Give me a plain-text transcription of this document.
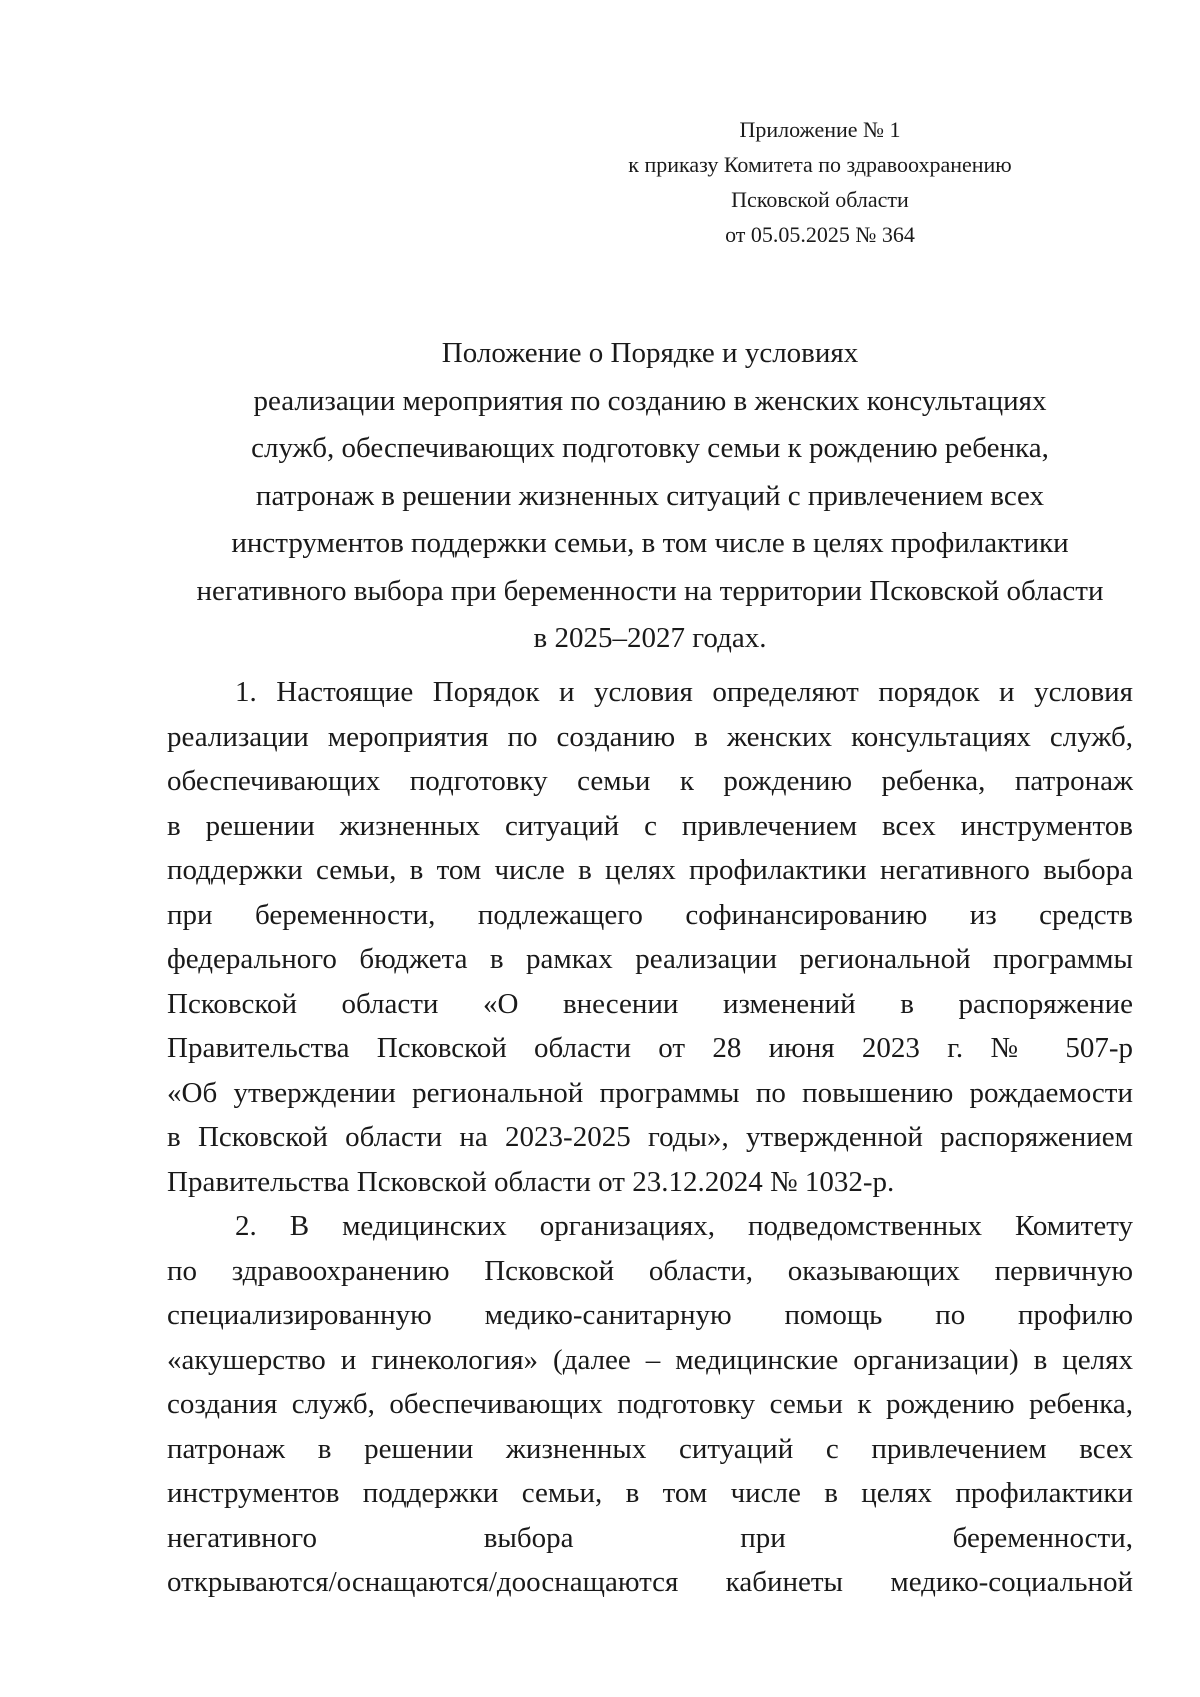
Приложение № 1
к приказу Комитета по здравоохранению
Псковской области
от 05.05.2025 № 364
Положение о Порядке и условиях
реализации мероприятия по созданию в женских консультациях
служб, обеспечивающих подготовку семьи к рождению ребенка,
патронаж в решении жизненных ситуаций с привлечением всех
инструментов поддержки семьи, в том числе в целях профилактики
негативного выбора при беременности на территории Псковской области
в 2025–2027 годах.
1. Настоящие Порядок и условия определяют порядок и условия
реализации мероприятия по созданию в женских консультациях служб,
обеспечивающих подготовку семьи к рождению ребенка, патронаж
в решении жизненных ситуаций с привлечением всех инструментов
поддержки семьи, в том числе в целях профилактики негативного выбора
при беременности, подлежащего софинансированию из средств
федерального бюджета в рамках реализации региональной программы
Псковской области «О внесении изменений в распоряжение
Правительства Псковской области от 28 июня 2023 г. № 507-р
«Об утверждении региональной программы по повышению рождаемости
в Псковской области на 2023-2025 годы», утвержденной распоряжением
Правительства Псковской области от 23.12.2024 № 1032-р.
2. В медицинских организациях, подведомственных Комитету
по здравоохранению Псковской области, оказывающих первичную
специализированную медико-санитарную помощь по профилю
«акушерство и гинекология» (далее – медицинские организации) в целях
создания служб, обеспечивающих подготовку семьи к рождению ребенка,
патронаж в решении жизненных ситуаций с привлечением всех
инструментов поддержки семьи, в том числе в целях профилактики
негативного выбора при беременности,
открываются/оснащаются/дооснащаются кабинеты медико-социальной
